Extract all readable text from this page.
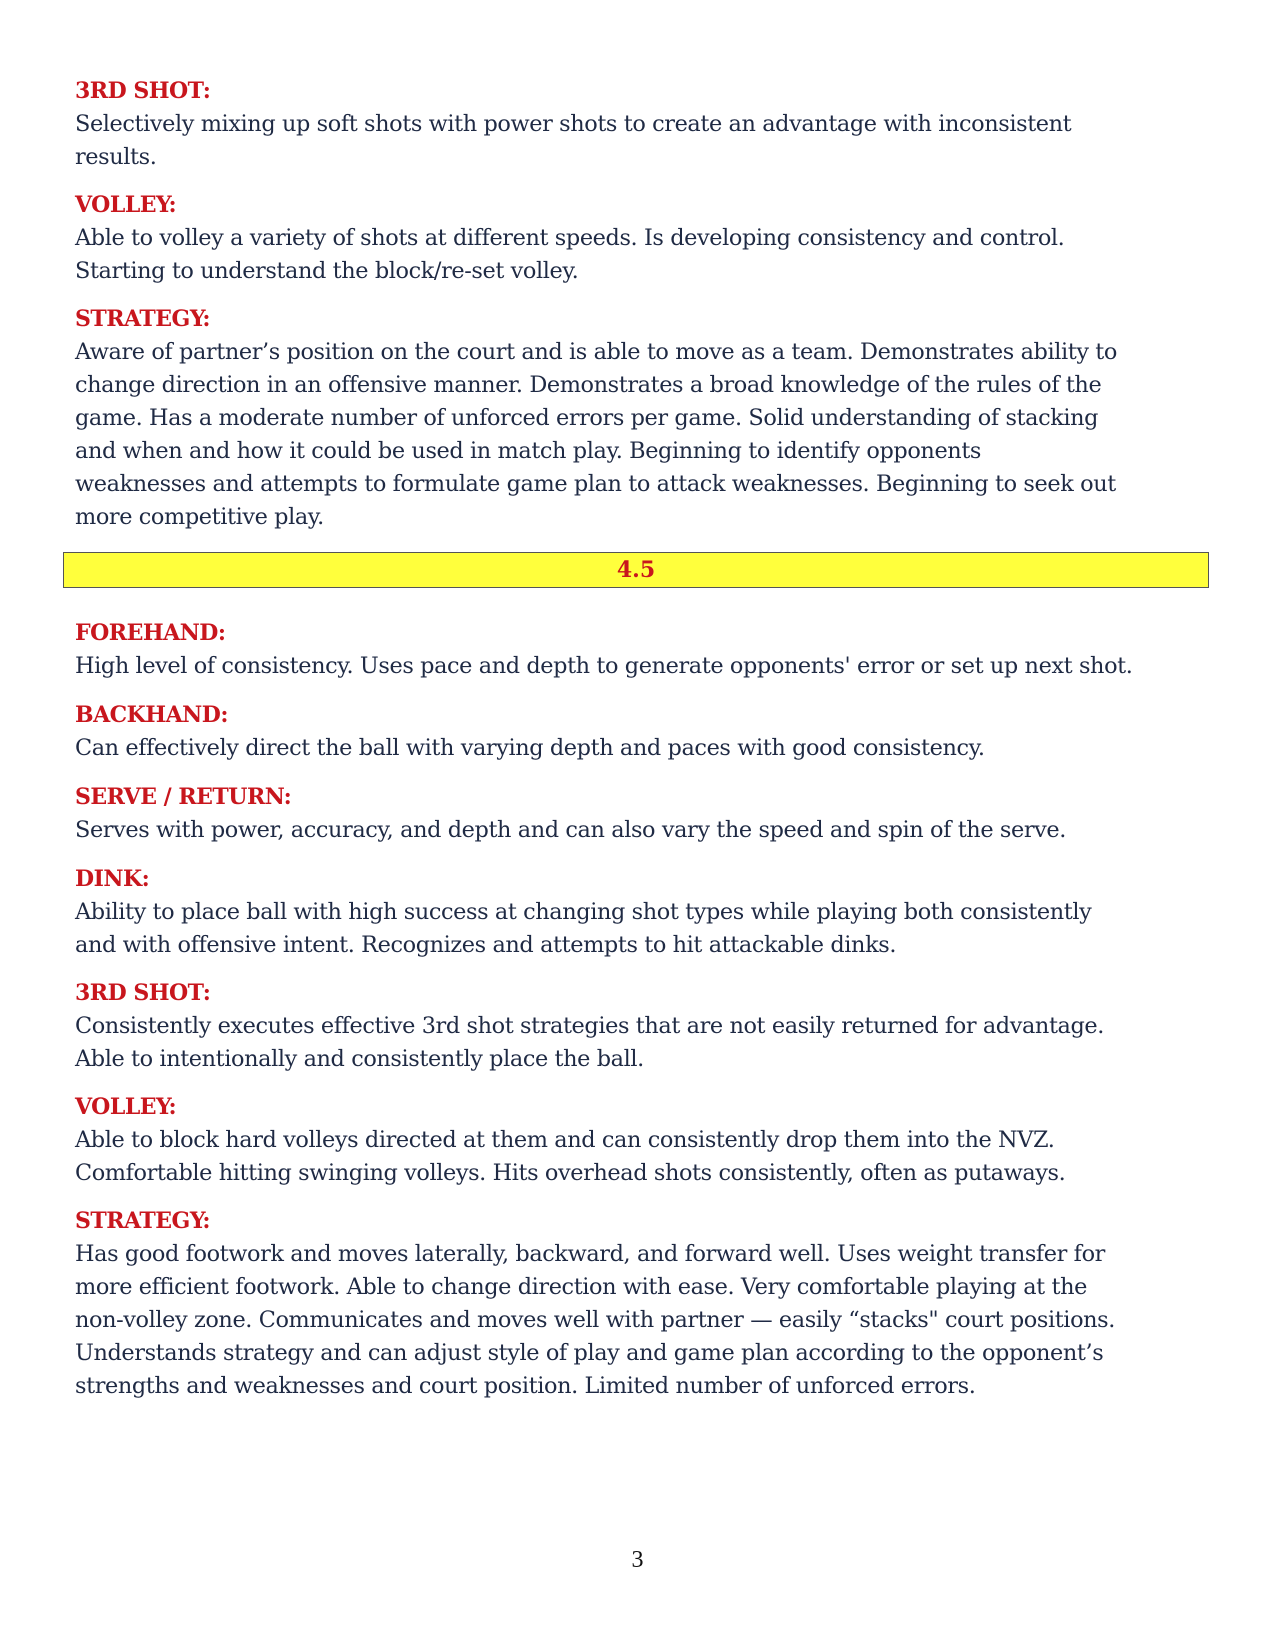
3RD SHOT:
Selectively mixing up soft shots with power shots to create an advantage with inconsistent
results.
VOLLEY:
Able to volley a variety of shots at different speeds. Is developing consistency and control.
Starting to understand the block/re-set volley.
STRATEGY:
Aware of partner’s position on the court and is able to move as a team. Demonstrates ability to
change direction in an offensive manner. Demonstrates a broad knowledge of the rules of the
game. Has a moderate number of unforced errors per game. Solid understanding of stacking
and when and how it could be used in match play. Beginning to identify opponents
weaknesses and attempts to formulate game plan to attack weaknesses. Beginning to seek out
more competitive play.
4.5
FOREHAND:
High level of consistency. Uses pace and depth to generate opponents' error or set up next shot.
BACKHAND:
Can effectively direct the ball with varying depth and paces with good consistency.
SERVE / RETURN:
Serves with power, accuracy, and depth and can also vary the speed and spin of the serve.
DINK:
Ability to place ball with high success at changing shot types while playing both consistently
and with offensive intent. Recognizes and attempts to hit attackable dinks.
3RD SHOT:
Consistently executes effective 3rd shot strategies that are not easily returned for advantage.
Able to intentionally and consistently place the ball.
VOLLEY:
Able to block hard volleys directed at them and can consistently drop them into the NVZ.
Comfortable hitting swinging volleys. Hits overhead shots consistently, often as putaways.
STRATEGY:
Has good footwork and moves laterally, backward, and forward well. Uses weight transfer for
more efficient footwork. Able to change direction with ease. Very comfortable playing at the
non-volley zone. Communicates and moves well with partner — easily “stacks" court positions.
Understands strategy and can adjust style of play and game plan according to the opponent’s
strengths and weaknesses and court position. Limited number of unforced errors.
3
